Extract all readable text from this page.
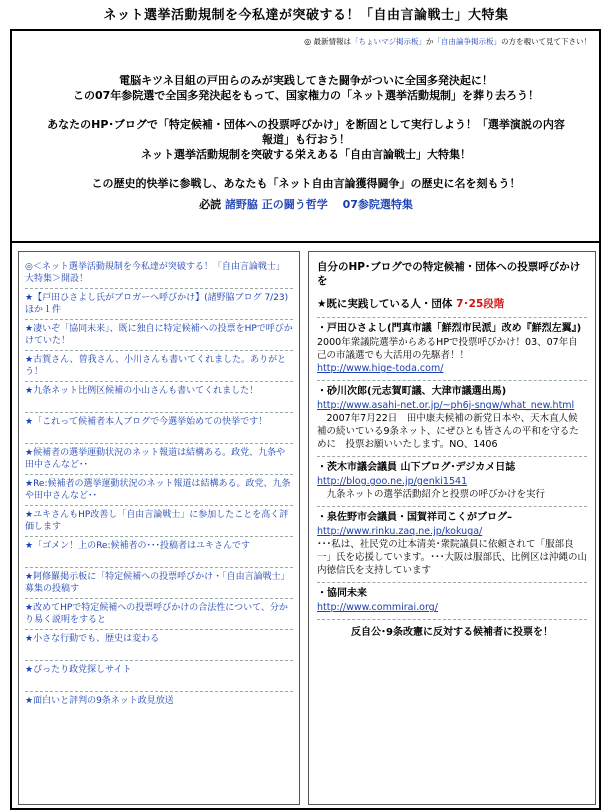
ネット選挙活動規制を今私達が突破する！「自由言論戦士」大特集
◎ 最新情報は「ちょいマジ掲示板」か「自由論争掲示板」の方を覗いて見て下さい！

電脳キツネ目組の戸田らのみが実践してきた闘争がついに全国多発決起に！

この07年参院選で全国多発決起をもって、国家権力の「ネット選挙活動規制」を葬り去ろう！

あなたのHP･ブログで「特定候補・団体への投票呼びかけ」を断固として実行しよう！「選挙演説の内容

報道」も行おう！

ネット選挙活動規制を突破する栄えある「自由言論戦士」大特集！

この歴史的快挙に参戦し、あなたも「ネット自由言論獲得闘争」の歴史に名を刻もう！

必読 諸野脇 正の闘う哲学　 07参院選特集

◎＜ネット選挙活動規制を今私達が突破する！「自由言論戦士」大特集＞開設！
★【戸田ひさよし氏がブロガーへ呼びかけ】(諸野脇ブログ 7/23)ほか１件
★凄いぞ「協同未来」、既に独自に特定候補への投票をHPで呼びかけていた！
★古賀さん、曽我さん、小川さんも書いてくれました。ありがとう！
★九条ネット比例区候補の小山さんも書いてくれました！
★「これって候補者本人ブログで今選挙始めての快挙です！
★候補者の選挙運動状況のネット報道は結構ある。政党、九条や田中さんなど･･
★Re:候補者の選挙運動状況のネット報道は結構ある。政党、九条や田中さんなど･･
★ユキさんもHP改善し「自由言論戦士」に参加したことを高く評価します
★「ゴメン！上のRe:候補者の･･･投稿者はユキさんです
★阿修羅掲示板に「特定候補への投票呼びかけ・「自由言論戦士」募集の投稿す
★改めてHPで特定候補への投票呼びかけの合法性について、分かり易く説明をすると
★小さな行動でも、歴史は変わる
★ぴったり政党探しサイト
★面白いと評判の9条ネット政見放送
自分のHP･ブログでの特定候補・団体への投票呼びかけを
★既に実践している人・団体 7･25段階
・戸田ひさよし(門真市議「鮮烈市民派」改め『鮮烈左翼』)
2000年衆議院選挙からあるHPで投票呼びかけ！03、07年自己の市議選でも大活用の先駆者！！
http://www.hige-toda.com/
・砂川次郎(元志賀町議、大津市議選出馬)
http://www.asahi-net.or.jp/~ph6j-sngw/what_new.html
　2007年7月22日　田中康夫候補の新党日本や、天木直人候補の続いている9条ネット、にぜひとも皆さんの平和を守るために　投票お願いいたします。NO、1406
・茨木市議会議員 山下ブログ･デジカメ日誌
http://blog.goo.ne.jp/genki1541
　九条ネットの選挙活動紹介と投票の呼びかけを実行
・泉佐野市会議員・国賀祥司こくがブログ–
http://www.rinku.zaq.ne.jp/kokuga/
･･･私は、社民党の辻本清美･衆院議員に依頼されて「服部良一」氏を応援しています。･･･大阪は服部氏、比例区は沖縄の山内徳信氏を支持しています
・協同未来
http://www.commirai.org/
反自公･9条改憲に反対する候補者に投票を！
